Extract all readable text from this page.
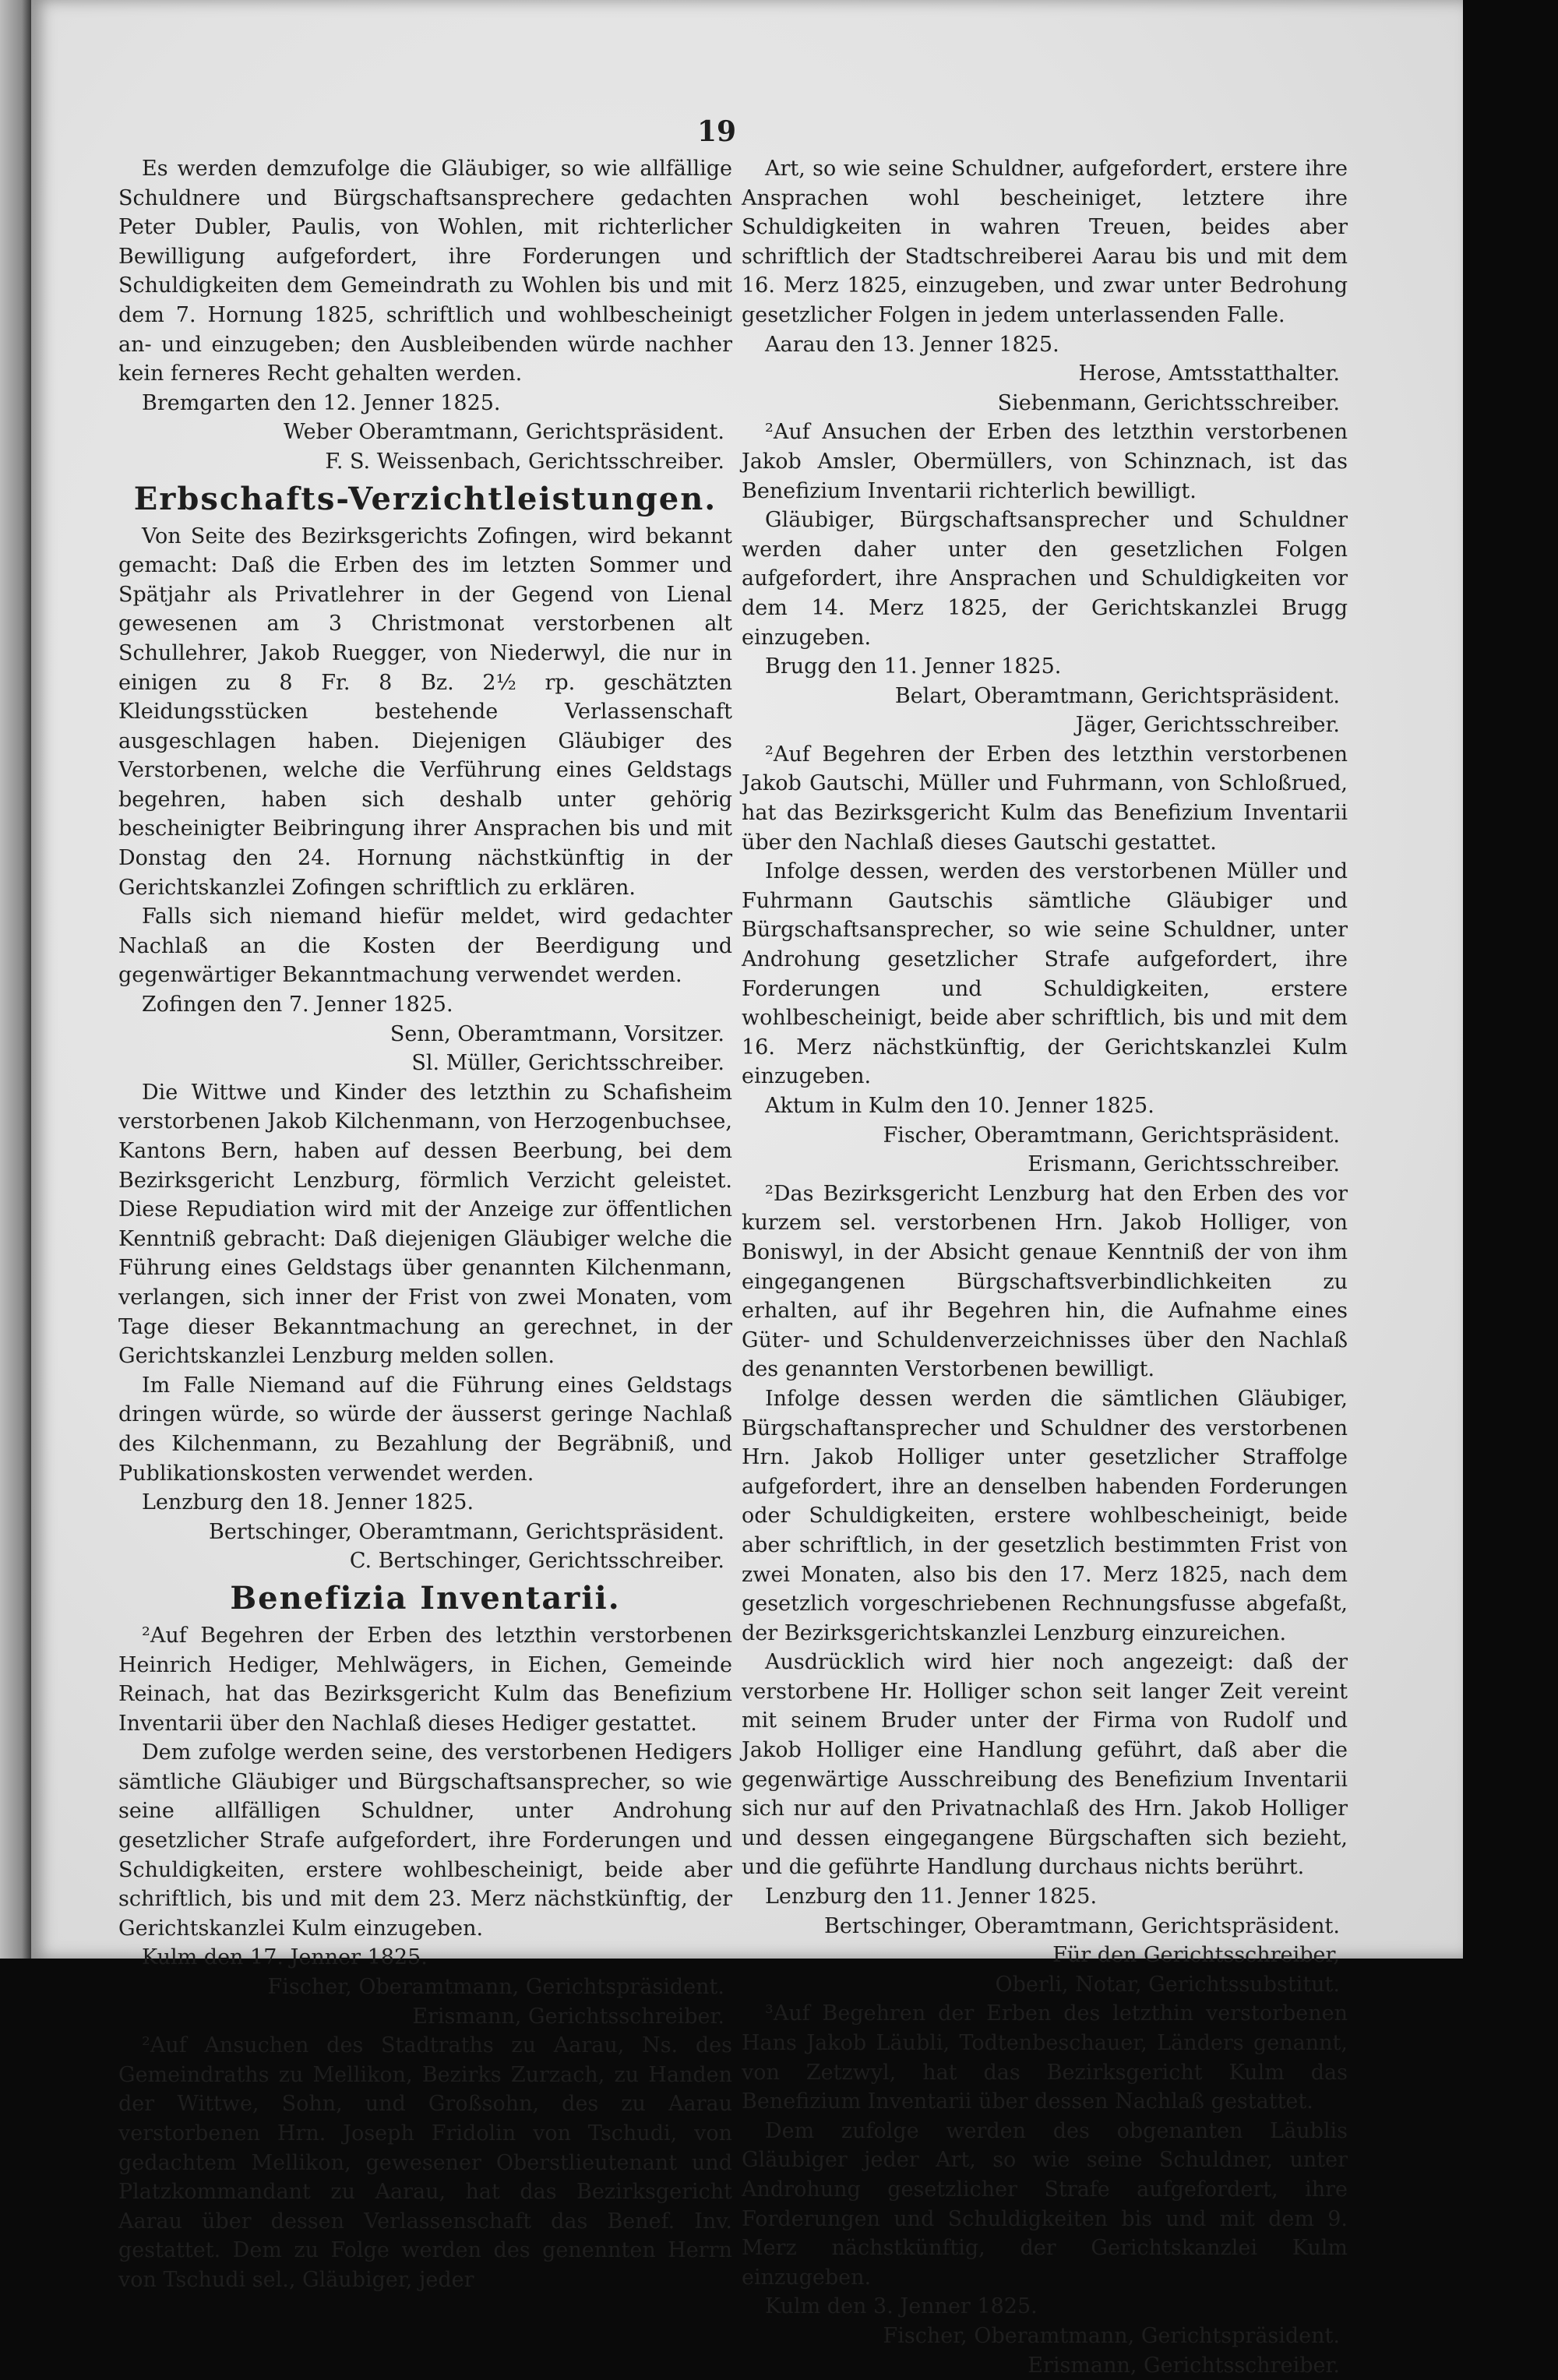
19

Es werden demzufolge die Gläubiger, so wie allfällige Schuldnere und Bürgschaftsansprechere gedachten Peter Dubler, Paulis, von Wohlen, mit richterlicher Bewilligung aufgefordert, ihre Forderungen und Schuldigkeiten dem Gemeindrath zu Wohlen bis und mit dem 7. Hornung 1825, schriftlich und wohlbescheinigt an- und einzugeben; den Ausbleibenden würde nachher kein ferneres Recht gehalten werden.

Bremgarten den 12. Jenner 1825.

Weber Oberamtmann, Gerichtspräsident.

F. S. Weissenbach, Gerichtsschreiber.

Erbschafts-Verzichtleistungen.

Von Seite des Bezirksgerichts Zofingen, wird bekannt gemacht: Daß die Erben des im letzten Sommer und Spätjahr als Privatlehrer in der Gegend von Lienal gewesenen am 3 Christmonat verstorbenen alt Schullehrer, Jakob Ruegger, von Niederwyl, die nur in einigen zu 8 Fr. 8 Bz. 2½ rp. geschätzten Kleidungsstücken bestehende Verlassenschaft ausgeschlagen haben. Diejenigen Gläubiger des Verstorbenen, welche die Verführung eines Geldstags begehren, haben sich deshalb unter gehörig bescheinigter Beibringung ihrer Ansprachen bis und mit Donstag den 24. Hornung nächstkünftig in der Gerichtskanzlei Zofingen schriftlich zu erklären.

Falls sich niemand hiefür meldet, wird gedachter Nachlaß an die Kosten der Beerdigung und gegenwärtiger Bekanntmachung verwendet werden.

Zofingen den 7. Jenner 1825.

Senn, Oberamtmann, Vorsitzer.

Sl. Müller, Gerichtsschreiber.

Die Wittwe und Kinder des letzthin zu Schafisheim verstorbenen Jakob Kilchenmann, von Herzogenbuchsee, Kantons Bern, haben auf dessen Beerbung, bei dem Bezirksgericht Lenzburg, förmlich Verzicht geleistet. Diese Repudiation wird mit der Anzeige zur öffentlichen Kenntniß gebracht: Daß diejenigen Gläubiger welche die Führung eines Geldstags über genannten Kilchenmann, verlangen, sich inner der Frist von zwei Monaten, vom Tage dieser Bekanntmachung an gerechnet, in der Gerichtskanzlei Lenzburg melden sollen.

Im Falle Niemand auf die Führung eines Geldstags dringen würde, so würde der äusserst geringe Nachlaß des Kilchenmann, zu Bezahlung der Begräbniß, und Publikationskosten verwendet werden.

Lenzburg den 18. Jenner 1825.

Bertschinger, Oberamtmann, Gerichtspräsident.

C. Bertschinger, Gerichtsschreiber.

Benefizia Inventarii.

²Auf Begehren der Erben des letzthin verstorbenen Heinrich Hediger, Mehlwägers, in Eichen, Gemeinde Reinach, hat das Bezirksgericht Kulm das Benefizium Inventarii über den Nachlaß dieses Hediger gestattet.

Dem zufolge werden seine, des verstorbenen Hedigers sämtliche Gläubiger und Bürgschaftsansprecher, so wie seine allfälligen Schuldner, unter Androhung gesetzlicher Strafe aufgefordert, ihre Forderungen und Schuldigkeiten, erstere wohlbescheinigt, beide aber schriftlich, bis und mit dem 23. Merz nächstkünftig, der Gerichtskanzlei Kulm einzugeben.

Kulm den 17. Jenner 1825.

Fischer, Oberamtmann, Gerichtspräsident.

Erismann, Gerichtsschreiber.

²Auf Ansuchen des Stadtraths zu Aarau, Ns. des Gemeindraths zu Mellikon, Bezirks Zurzach, zu Handen der Wittwe, Sohn, und Großsohn, des zu Aarau verstorbenen Hrn. Joseph Fridolin von Tschudi, von gedachtem Mellikon, gewesener Oberstlieutenant und Platzkommandant zu Aarau, hat das Bezirksgericht Aarau über dessen Verlassenschaft das Benef. Inv. gestattet. Dem zu Folge werden des genennten Herrn von Tschudi sel., Gläubiger, jeder

Art, so wie seine Schuldner, aufgefordert, erstere ihre Ansprachen wohl bescheiniget, letztere ihre Schuldigkeiten in wahren Treuen, beides aber schriftlich der Stadtschreiberei Aarau bis und mit dem 16. Merz 1825, einzugeben, und zwar unter Bedrohung gesetzlicher Folgen in jedem unterlassenden Falle.

Aarau den 13. Jenner 1825.

Herose, Amtsstatthalter.

Siebenmann, Gerichtsschreiber.

²Auf Ansuchen der Erben des letzthin verstorbenen Jakob Amsler, Obermüllers, von Schinznach, ist das Benefizium Inventarii richterlich bewilligt.

Gläubiger, Bürgschaftsansprecher und Schuldner werden daher unter den gesetzlichen Folgen aufgefordert, ihre Ansprachen und Schuldigkeiten vor dem 14. Merz 1825, der Gerichtskanzlei Brugg einzugeben.

Brugg den 11. Jenner 1825.

Belart, Oberamtmann, Gerichtspräsident.

Jäger, Gerichtsschreiber.

²Auf Begehren der Erben des letzthin verstorbenen Jakob Gautschi, Müller und Fuhrmann, von Schloßrued, hat das Bezirksgericht Kulm das Benefizium Inventarii über den Nachlaß dieses Gautschi gestattet.

Infolge dessen, werden des verstorbenen Müller und Fuhrmann Gautschis sämtliche Gläubiger und Bürgschaftsansprecher, so wie seine Schuldner, unter Androhung gesetzlicher Strafe aufgefordert, ihre Forderungen und Schuldigkeiten, erstere wohlbescheinigt, beide aber schriftlich, bis und mit dem 16. Merz nächstkünftig, der Gerichtskanzlei Kulm einzugeben.

Aktum in Kulm den 10. Jenner 1825.

Fischer, Oberamtmann, Gerichtspräsident.

Erismann, Gerichtsschreiber.

²Das Bezirksgericht Lenzburg hat den Erben des vor kurzem sel. verstorbenen Hrn. Jakob Holliger, von Boniswyl, in der Absicht genaue Kenntniß der von ihm eingegangenen Bürgschaftsverbindlichkeiten zu erhalten, auf ihr Begehren hin, die Aufnahme eines Güter- und Schuldenverzeichnisses über den Nachlaß des genannten Verstorbenen bewilligt.

Infolge dessen werden die sämtlichen Gläubiger, Bürgschaftansprecher und Schuldner des verstorbenen Hrn. Jakob Holliger unter gesetzlicher Straffolge aufgefordert, ihre an denselben habenden Forderungen oder Schuldigkeiten, erstere wohlbescheinigt, beide aber schriftlich, in der gesetzlich bestimmten Frist von zwei Monaten, also bis den 17. Merz 1825, nach dem gesetzlich vorgeschriebenen Rechnungsfusse abgefaßt, der Bezirksgerichtskanzlei Lenzburg einzureichen.

Ausdrücklich wird hier noch angezeigt: daß der verstorbene Hr. Holliger schon seit langer Zeit vereint mit seinem Bruder unter der Firma von Rudolf und Jakob Holliger eine Handlung geführt, daß aber die gegenwärtige Ausschreibung des Benefizium Inventarii sich nur auf den Privatnachlaß des Hrn. Jakob Holliger und dessen eingegangene Bürgschaften sich bezieht, und die geführte Handlung durchaus nichts berührt.

Lenzburg den 11. Jenner 1825.

Bertschinger, Oberamtmann, Gerichtspräsident.

Für den Gerichtsschreiber,

Oberli, Notar, Gerichtssubstitut.

³Auf Begehren der Erben des letzthin verstorbenen Hans Jakob Läubli, Todtenbeschauer, Länders genannt, von Zetzwyl, hat das Bezirksgericht Kulm das Benefizium Inventarii über dessen Nachlaß gestattet.

Dem zufolge werden des obgenanten Läublis Gläubiger jeder Art, so wie seine Schuldner, unter Androhung gesetzlicher Strafe aufgefordert, ihre Forderungen und Schuldigkeiten bis und mit dem 9. Merz nächstkünftig, der Gerichtskanzlei Kulm einzugeben.

Kulm den 3. Jenner 1825.

Fischer, Oberamtmann, Gerichtspräsident.

Erismann, Gerichtsschreiber.
